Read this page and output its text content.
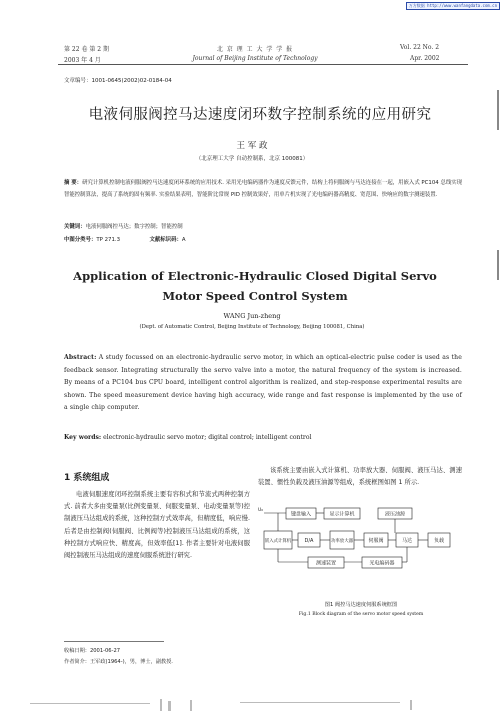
万方数据 http://www.wanfangdata.com.cn
第 22 卷 第 2 期
2003 年 4 月
北 京 理 工 大 学 学 报
Journal of Beijing Institute of Technology
Vol. 22 No. 2
Apr. 2002
文章编号：1001-0645(2002)02-0184-04
电液伺服阀控马达速度闭环数字控制系统的应用研究
王 军 政
（北京理工大学 自动控制系，北京 100081）
摘 要：研究计算机控制电液伺服阀控马达速度闭环系统的应用技术. 采用光电编码器作为速度反馈元件，结构上将伺服阀与马达连接在一起，用嵌入式 PC104 总线实现智能控制算法，提高了系统的固有频率. 实验结果表明，智能阶比常规 PID 控制效果好，用单片机实现了光电编码器高精度、宽范围、快响应的数字测速装置.
关键词：电液伺服阀控马达；数字控制；智能控制
中图分类号：TP 271.3	文献标识码：A
Application of Electronic-Hydraulic Closed Digital Servo
Motor Speed Control System
WANG Jun-zheng
(Dept. of Automatic Control, Beijing Institute of Technology, Beijing 100081, China)
Abstract: A study focussed on an electronic-hydraulic servo motor, in which an optical-electric pulse coder is used as the feedback sensor. Integrating structurally the servo valve into a motor, the natural frequency of the system is increased. By means of a PC104 bus CPU board, intelligent control algorithm is realized, and step-response experimental results are shown. The speed measurement device having high accuracy, wide range and fast response is implemented by the use of a single chip computer.
Key words: electronic-hydraulic servo motor; digital control; intelligent control
1 系统组成
电液伺服速度闭环控制系统主要有容积式和节流式两种控制方式. 前者大多由变量泵(比例变量泵、伺服变量泵、电动变量泵等)控制液压马达组成的系统，这种控制方式效率高，但精度低，响应慢. 后者是由控制阀(伺服阀、比例阀等)控制液压马达组成的系统，这种控制方式响应快、精度高，但效率低[1]. 作者主要针对电液伺服阀控制液压马达组成的速度伺服系统进行研究.
该系统主要由嵌入式计算机、功率放大器、伺服阀、液压马达、测速装置、惯性负载及液压油源等组成，系统框图如图 1 所示.
U₀
键盘输入	显示计算机	液压油源
嵌入式计算机	D/A	功率放大器	伺服阀	马达	负载
测速装置	光电编码器
图1 阀控马达速度伺服系统框图
Fig.1 Block diagram of the servo motor speed system
收稿日期：2001-06-27
作者简介：王军政(1964-)，男，博士，副教授.
